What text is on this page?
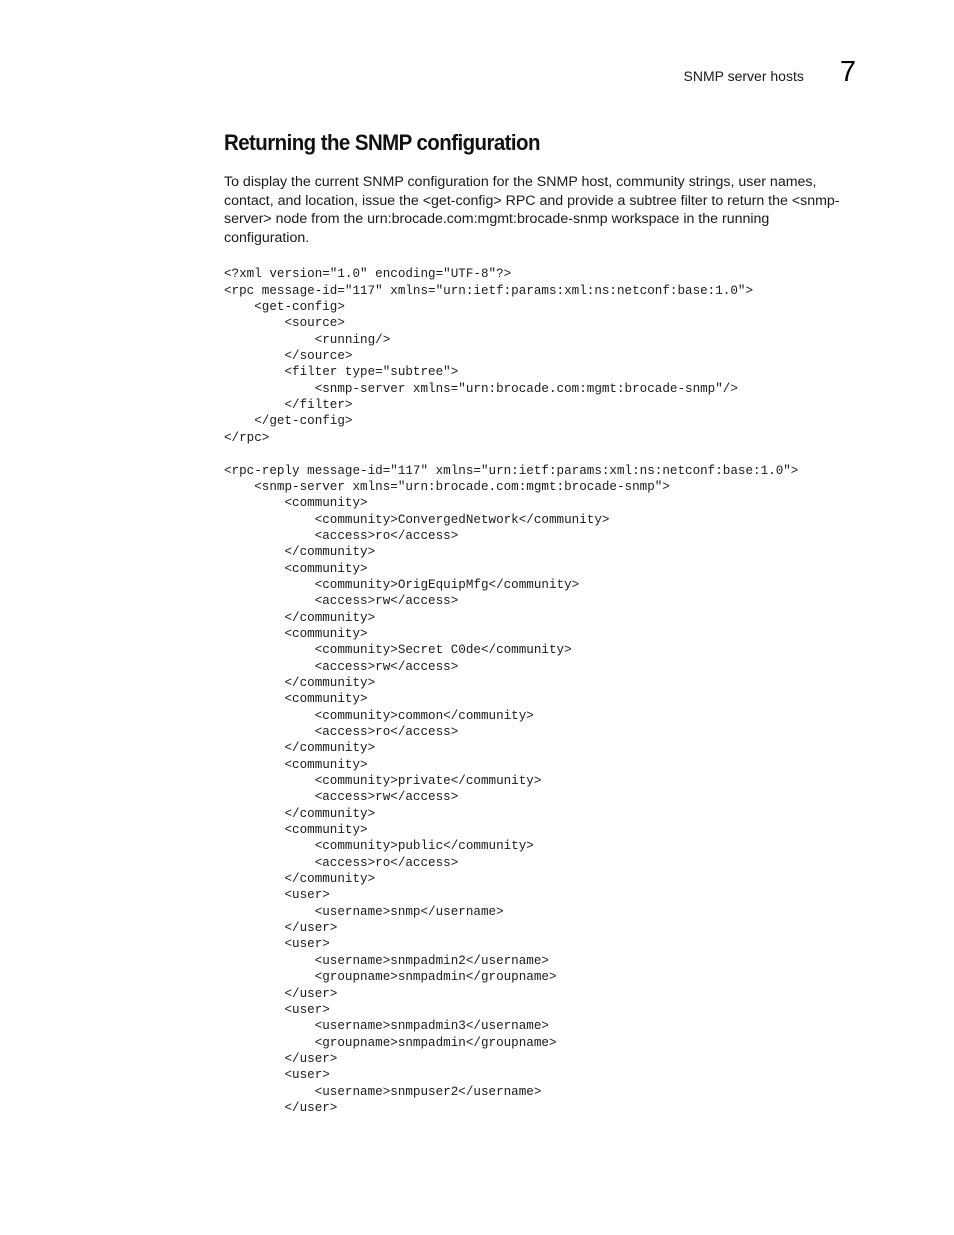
SNMP server hosts 7
Returning the SNMP configuration

To display the current SNMP configuration for the SNMP host, community strings, user names, contact, and location, issue the <get-config> RPC and provide a subtree filter to return the <snmp-server> node from the urn:brocade.com:mgmt:brocade-snmp workspace in the running configuration.

<?xml version="1.0" encoding="UTF-8"?>
<rpc message-id="117" xmlns="urn:ietf:params:xml:ns:netconf:base:1.0">
<get-config>
<source>
<running/>
</source>
<filter type="subtree">
<snmp-server xmlns="urn:brocade.com:mgmt:brocade-snmp"/>
</filter>
</get-config>
</rpc>
<rpc-reply message-id="117" xmlns="urn:ietf:params:xml:ns:netconf:base:1.0">
<snmp-server xmlns="urn:brocade.com:mgmt:brocade-snmp">
<community>
<community>ConvergedNetwork</community>
<access>ro</access>
</community>
<community>
<community>OrigEquipMfg</community>
<access>rw</access>
</community>
<community>
<community>Secret C0de</community>
<access>rw</access>
</community>
<community>
<community>common</community>
<access>ro</access>
</community>
<community>
<community>private</community>
<access>rw</access>
</community>
<community>
<community>public</community>
<access>ro</access>
</community>
<user>
<username>snmp</username>
</user>
<user>
<username>snmpadmin2</username>
<groupname>snmpadmin</groupname>
</user>
<user>
<username>snmpadmin3</username>
<groupname>snmpadmin</groupname>
</user>
<user>
<username>snmpuser2</username>
</user>
